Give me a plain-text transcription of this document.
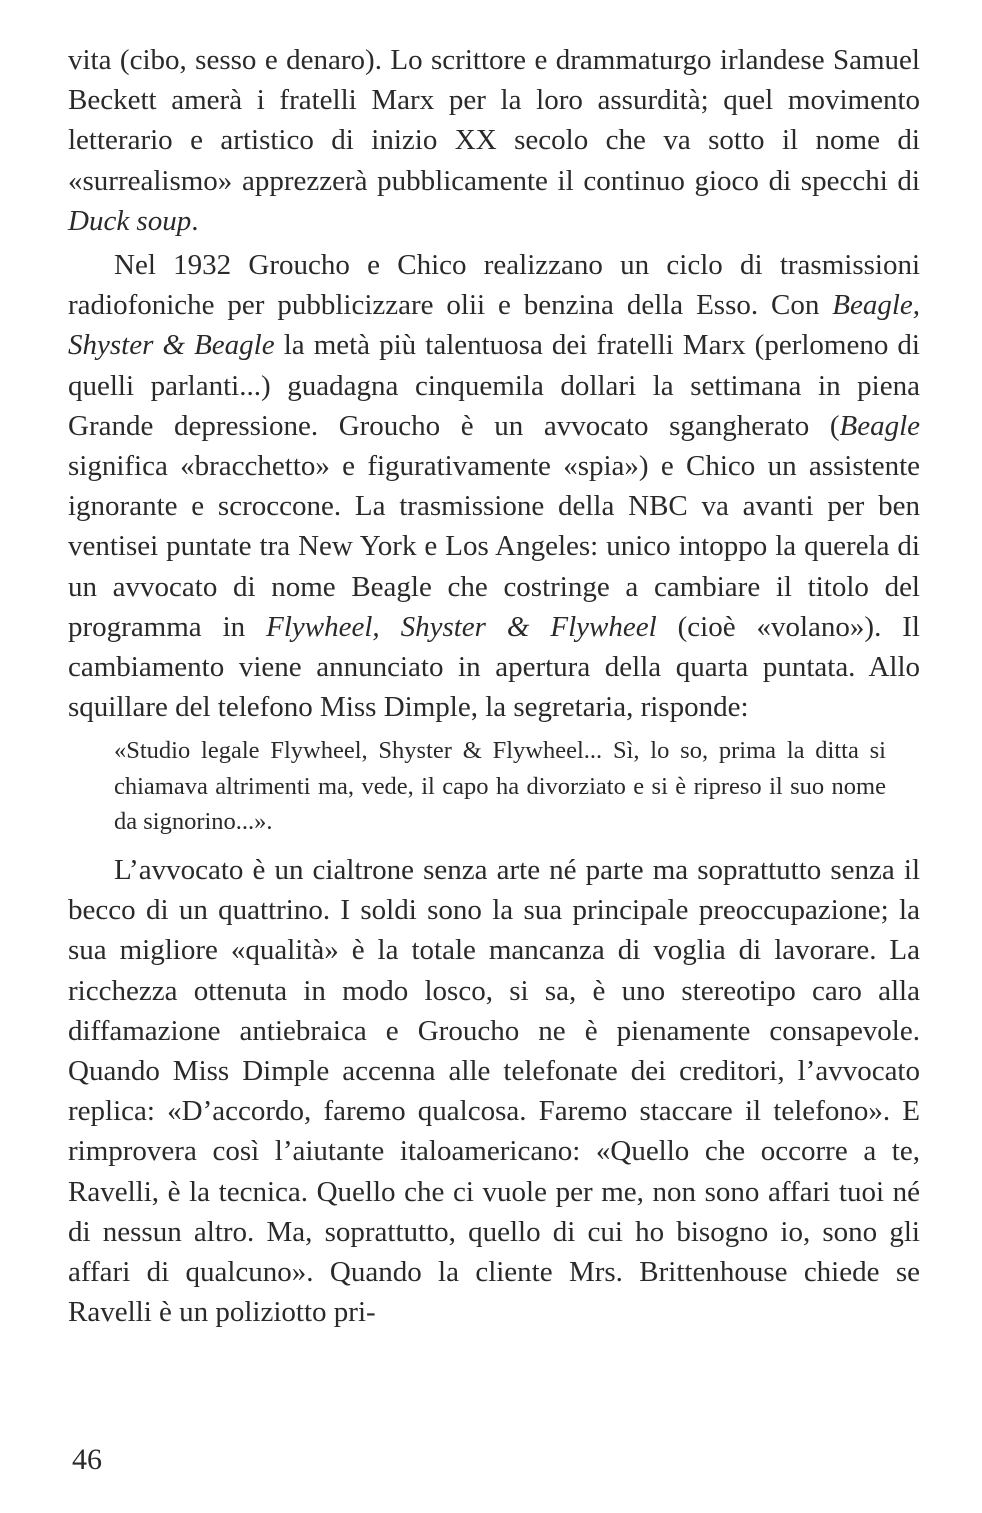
vita (cibo, sesso e denaro). Lo scrittore e drammaturgo irlandese Samuel Beckett amerà i fratelli Marx per la loro assurdità; quel movimento letterario e artistico di inizio XX secolo che va sotto il nome di «surrealismo» apprezzerà pubblicamente il continuo gioco di specchi di Duck soup.

Nel 1932 Groucho e Chico realizzano un ciclo di trasmissioni radiofoniche per pubblicizzare olii e benzina della Esso. Con Beagle, Shyster & Beagle la metà più talentuosa dei fratelli Marx (perlomeno di quelli parlanti...) guadagna cinquemila dollari la settimana in piena Grande depressione. Groucho è un avvocato sgangherato (Beagle significa «bracchetto» e figurativamente «spia») e Chico un assistente ignorante e scroccone. La trasmissione della NBC va avanti per ben ventisei puntate tra New York e Los Angeles: unico intoppo la querela di un avvocato di nome Beagle che costringe a cambiare il titolo del programma in Flywheel, Shyster & Flywheel (cioè «volano»). Il cambiamento viene annunciato in apertura della quarta puntata. Allo squillare del telefono Miss Dimple, la segretaria, risponde:

«Studio legale Flywheel, Shyster & Flywheel... Sì, lo so, prima la ditta si chiamava altrimenti ma, vede, il capo ha divorziato e si è ripreso il suo nome da signorino...».

L’avvocato è un cialtrone senza arte né parte ma soprattutto senza il becco di un quattrino. I soldi sono la sua principale preoccupazione; la sua migliore «qualità» è la totale mancanza di voglia di lavorare. La ricchezza ottenuta in modo losco, si sa, è uno stereotipo caro alla diffamazione antiebraica e Groucho ne è pienamente consapevole. Quando Miss Dimple accenna alle telefonate dei creditori, l’avvocato replica: «D’accordo, faremo qualcosa. Faremo staccare il telefono». E rimprovera così l’aiutante italoamericano: «Quello che occorre a te, Ravelli, è la tecnica. Quello che ci vuole per me, non sono affari tuoi né di nessun altro. Ma, soprattutto, quello di cui ho bisogno io, sono gli affari di qualcuno». Quando la cliente Mrs. Brittenhouse chiede se Ravelli è un poliziotto pri-

46
